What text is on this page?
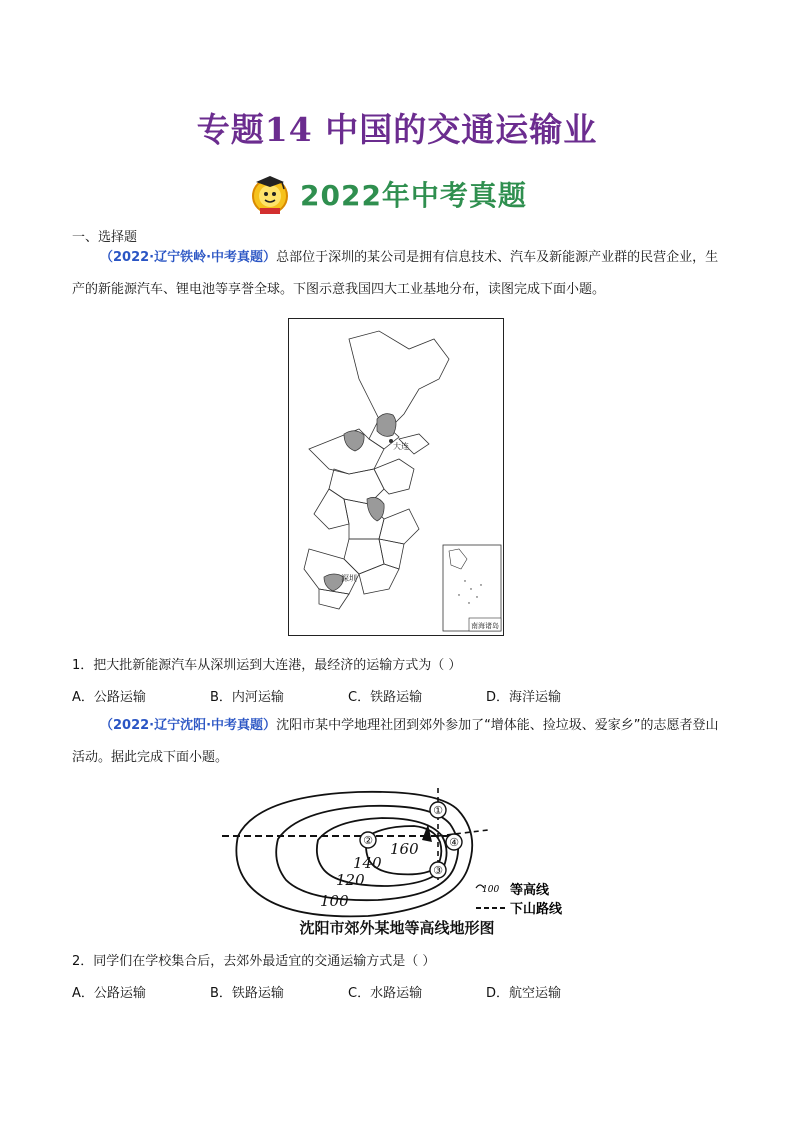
专题14 中国的交通运输业
2022年中考真题
一、选择题
（2022·辽宁铁岭·中考真题）总部位于深圳的某公司是拥有信息技术、汽车及新能源产业群的民营企业，生产的新能源汽车、锂电池等享誉全球。下图示意我国四大工业基地分布，读图完成下面小题。
大连
深圳
南海诸岛
1．把大批新能源汽车从深圳运到大连港，最经济的运输方式为（ ）
A．公路运输	B．内河运输	C．铁路运输	D．海洋运输
（2022·辽宁沈阳·中考真题）沈阳市某中学地理社团到郊外参加了“增体能、捡垃圾、爱家乡”的志愿者登山活动。据此完成下面小题。
①
②
③
④
100
120
140
160
100 等高线
下山路线
沈阳市郊外某地等高线地形图
2．同学们在学校集合后，去郊外最适宜的交通运输方式是（ ）
A．公路运输	B．铁路运输	C．水路运输	D．航空运输
